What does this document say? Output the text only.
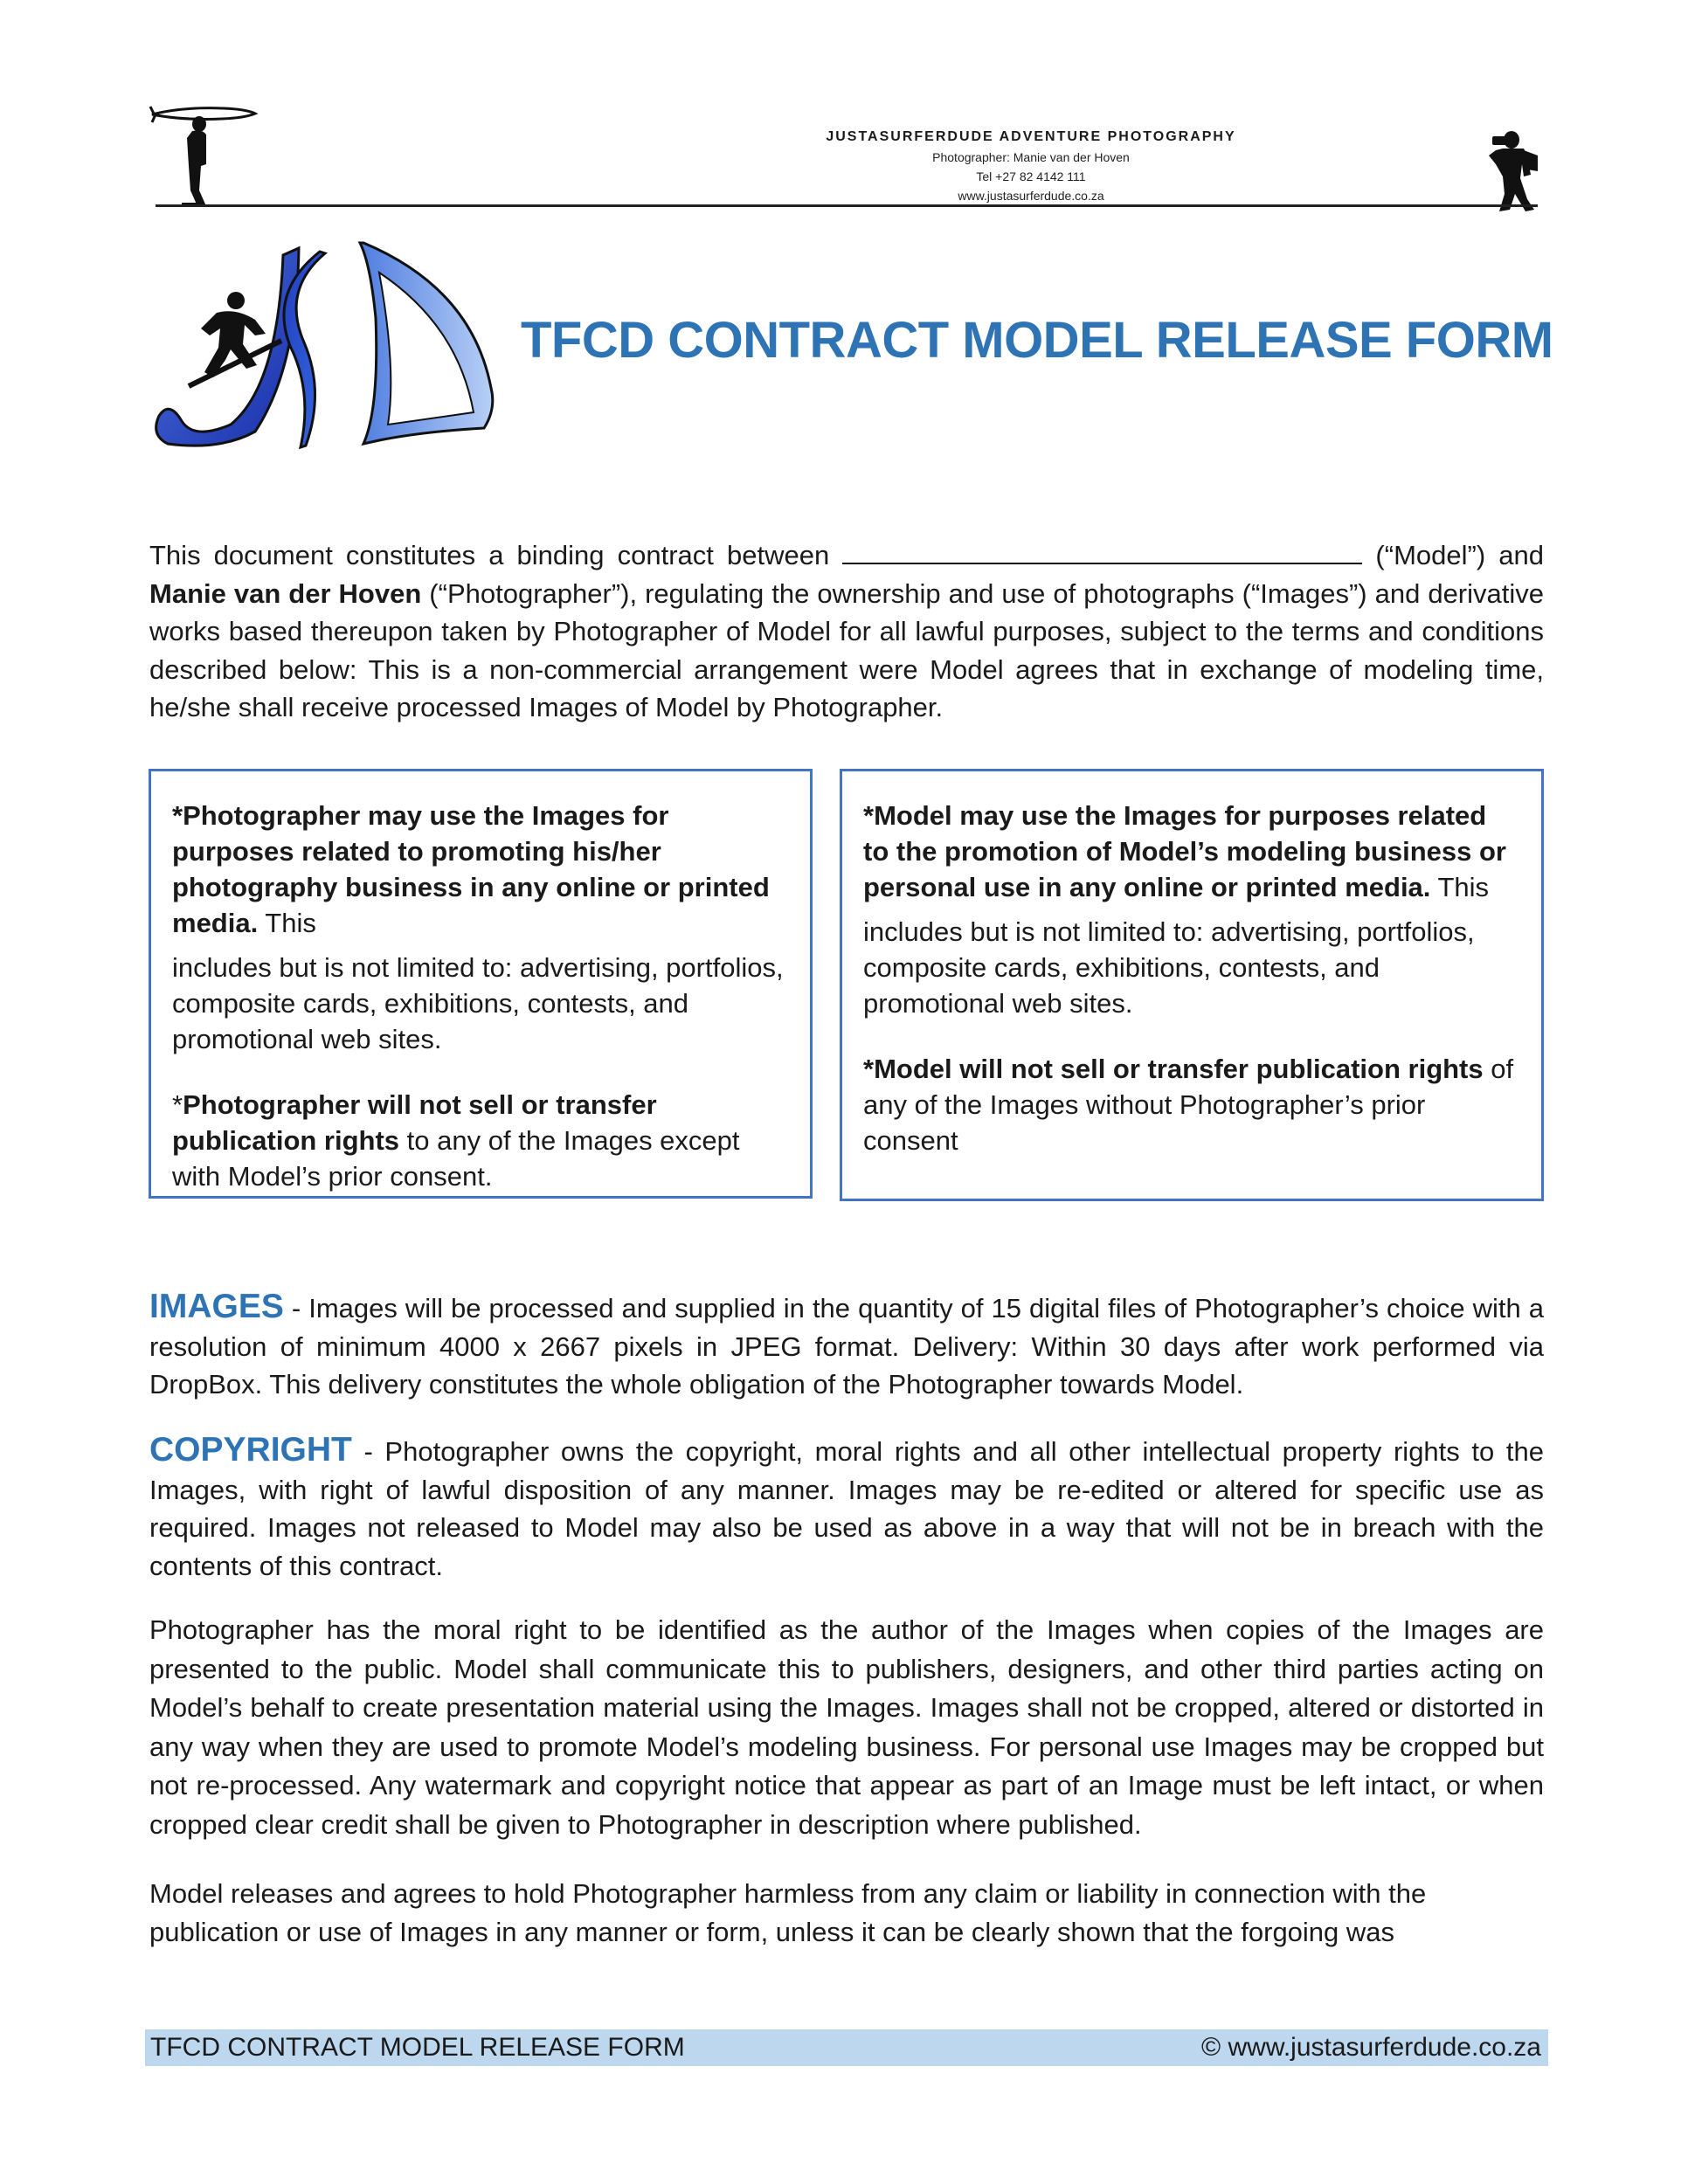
JUSTASURFERDUDE ADVENTURE PHOTOGRAPHY
Photographer: Manie van der Hoven
Tel +27 82 4142 111
www.justasurferdude.co.za
TFCD CONTRACT MODEL RELEASE FORM
This document constitutes a binding contract between	(“Model”) and Manie van der Hoven (“Photographer”), regulating the ownership and use of photographs (“Images”) and derivative works based thereupon taken by Photographer of Model for all lawful purposes, subject to the terms and conditions described below: This is a non-commercial arrangement were Model agrees that in exchange of modeling time, he/she shall receive processed Images of Model by Photographer.

*Photographer may use the Images for purposes related to promoting his/her photography business in any online or printed media. This

includes but is not limited to: advertising, portfolios, composite cards, exhibitions, contests, and promotional web sites.

*Photographer will not sell or transfer publication rights to any of the Images except with Model’s prior consent.

*Model may use the Images for purposes related to the promotion of Model’s modeling business or personal use in any online or printed media. This

includes but is not limited to: advertising, portfolios, composite cards, exhibitions, contests, and promotional web sites.

*Model will not sell or transfer publication rights of any of the Images without Photographer’s prior consent

IMAGES - Images will be processed and supplied in the quantity of 15 digital files of Photographer’s choice with a resolution of minimum 4000 x 2667 pixels in JPEG format. Delivery: Within 30 days after work performed via DropBox. This delivery constitutes the whole obligation of the Photographer towards Model.
COPYRIGHT - Photographer owns the copyright, moral rights and all other intellectual property rights to the Images, with right of lawful disposition of any manner. Images may be re-edited or altered for specific use as required. Images not released to Model may also be used as above in a way that will not be in breach with the contents of this contract.
Photographer has the moral right to be identified as the author of the Images when copies of the Images are presented to the public. Model shall communicate this to publishers, designers, and other third parties acting on Model’s behalf to create presentation material using the Images. Images shall not be cropped, altered or distorted in any way when they are used to promote Model’s modeling business. For personal use Images may be cropped but not re-processed. Any watermark and copyright notice that appear as part of an Image must be left intact, or when cropped clear credit shall be given to Photographer in description where published.
Model releases and agrees to hold Photographer harmless from any claim or liability in connection with the publication or use of Images in any manner or form, unless it can be clearly shown that the forgoing was
TFCD CONTRACT MODEL RELEASE FORM	© www.justasurferdude.co.za
